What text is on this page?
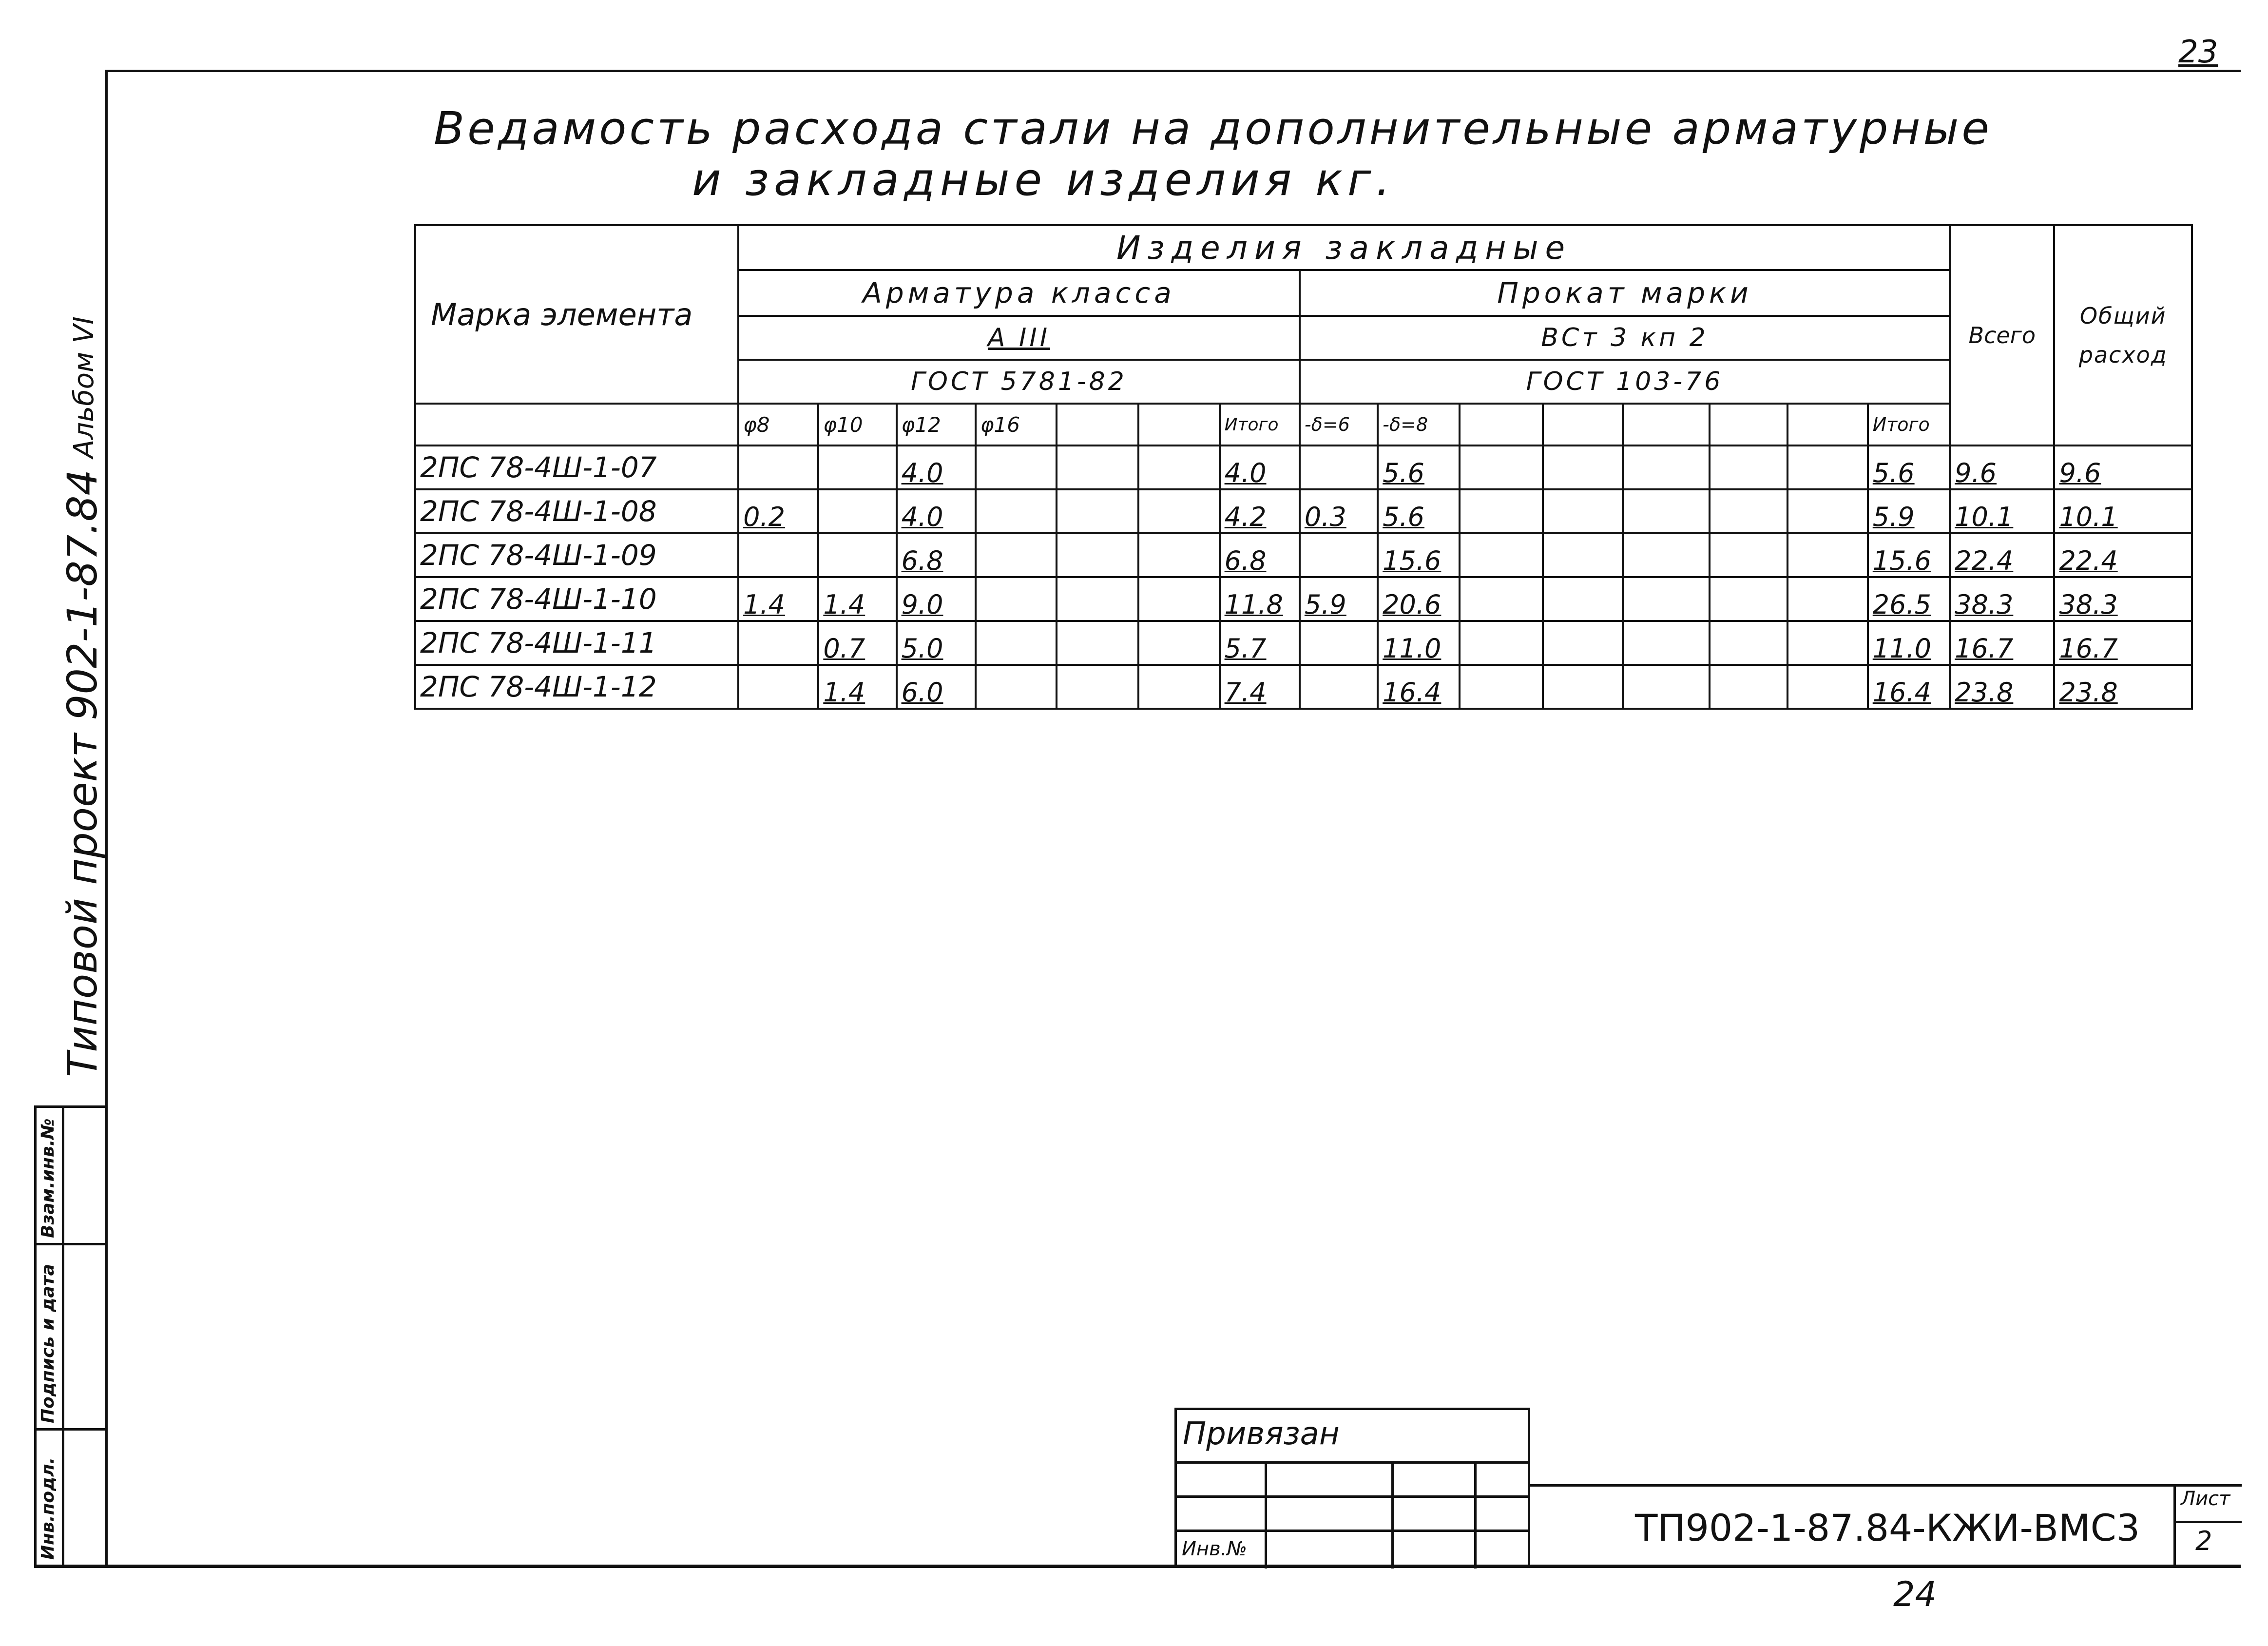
23
Ведамость расхода стали на дополнительные арматурные
и закладные изделия кг.
Типовой проект 902-1-87.84
Альбом VI
Взам.инв.№
Подпись и дата
Инв.подл.
Марка элемента	Изделия закладные															Всего	Общий расход
	Арматура класса							Прокат марки									
	А III							ВСт 3 кп 2									
	ГОСТ 5781-82							ГОСТ 103-76									
	φ8	φ10	φ12	φ16			Итого	-δ=6	-δ=8						Итого		
2ПС 78-4Ш-1-07			4.0				4.0		5.6						5.6	9.6	9.6
2ПС 78-4Ш-1-08	0.2		4.0				4.2	0.3	5.6						5.9	10.1	10.1
2ПС 78-4Ш-1-09			6.8				6.8		15.6						15.6	22.4	22.4
2ПС 78-4Ш-1-10	1.4	1.4	9.0				11.8	5.9	20.6						26.5	38.3	38.3
2ПС 78-4Ш-1-11		0.7	5.0				5.7		11.0						11.0	16.7	16.7
2ПС 78-4Ш-1-12		1.4	6.0				7.4		16.4						16.4	23.8	23.8
Привязан
Инв.№	ТП902-1-87.84-КЖИ-ВМС3
Лист
2
24
